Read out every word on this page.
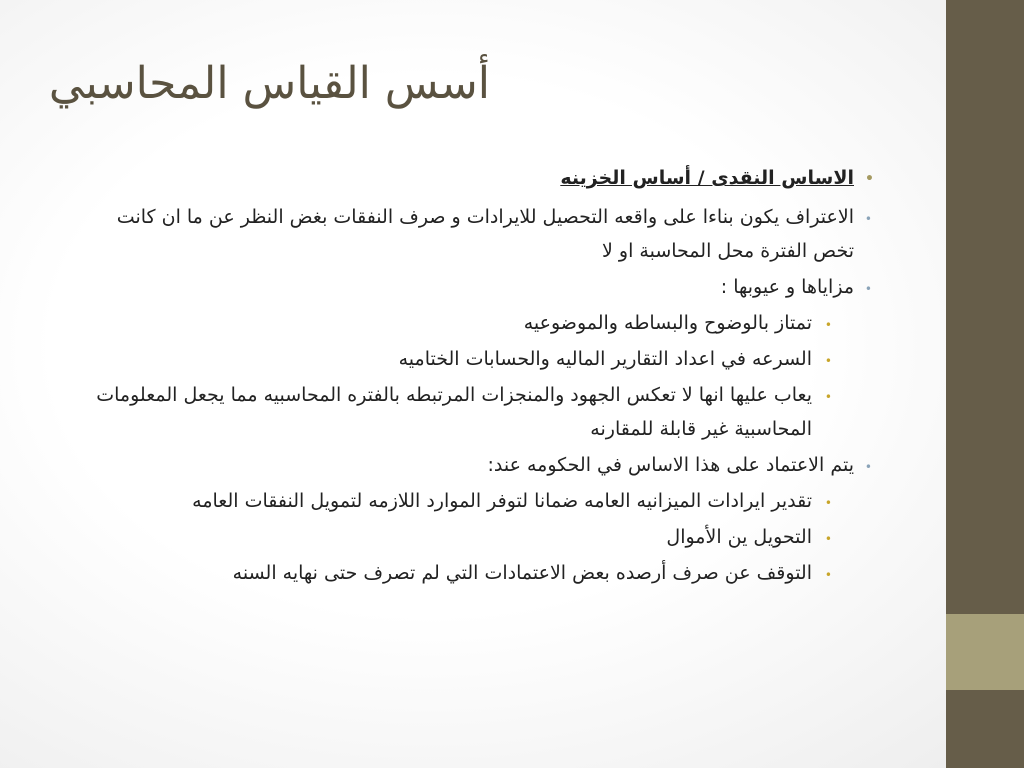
أسس القياس المحاسبي
•
الاساس النقدى / أساس الخزينه
•
الاعتراف يكون بناءا على واقعه التحصيل للايرادات و صرف النفقات بغض النظر عن ما ان كانت تخص الفترة محل المحاسبة او لا
•
مزاياها و عيوبها :
•
تمتاز بالوضوح والبساطه والموضوعيه
•
السرعه في اعداد التقارير الماليه والحسابات الختاميه
•
يعاب عليها انها لا تعكس الجهود والمنجزات المرتبطه بالفتره المحاسبيه مما يجعل المعلومات المحاسبية غير قابلة للمقارنه
•
يتم الاعتماد على هذا الاساس في الحكومه عند:
•
تقدير ايرادات الميزانيه العامه ضمانا لتوفر الموارد اللازمه لتمويل النفقات العامه
•
التحويل ين الأموال
•
التوقف عن صرف أرصده بعض الاعتمادات التي لم تصرف حتى نهايه السنه
